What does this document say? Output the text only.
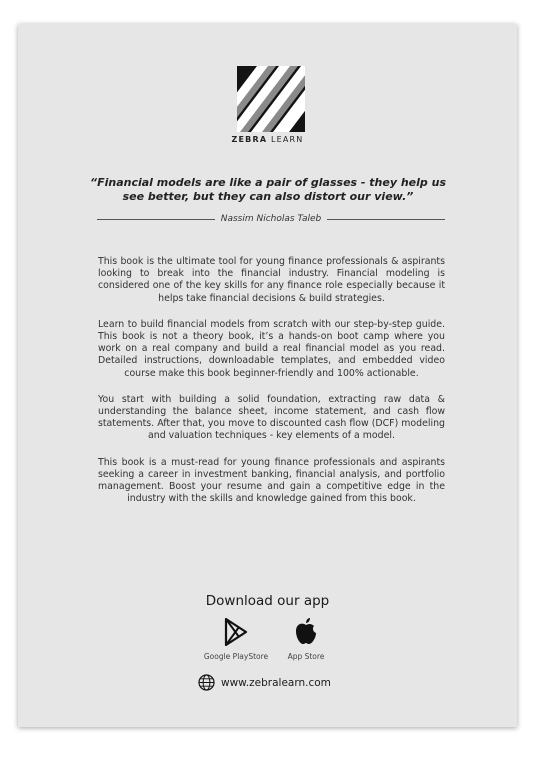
ZEBRA LEARN
“Financial models are like a pair of glasses - they help us see better, but they can also distort our view.”
Nassim Nicholas Taleb

This book is the ultimate tool for young finance professionals & aspirants looking to break into the financial industry. Financial modeling is considered one of the key skills for any finance role especially because it helps take financial decisions & build strategies.

Learn to build financial models from scratch with our step-by-step guide. This book is not a theory book, it’s a hands-on boot camp where you work on a real company and build a real financial model as you read. Detailed instructions, downloadable templates, and embedded video course make this book beginner-friendly and 100% actionable.

You start with building a solid foundation, extracting raw data & understanding the balance sheet, income statement, and cash flow statements. After that, you move to discounted cash flow (DCF) modeling and valuation techniques - key elements of a model.

This book is a must-read for young finance professionals and aspirants seeking a career in investment banking, financial analysis, and portfolio management. Boost your resume and gain a competitive edge in the industry with the skills and knowledge gained from this book.

Download our app
Google PlayStore	App Store
www.zebralearn.com
